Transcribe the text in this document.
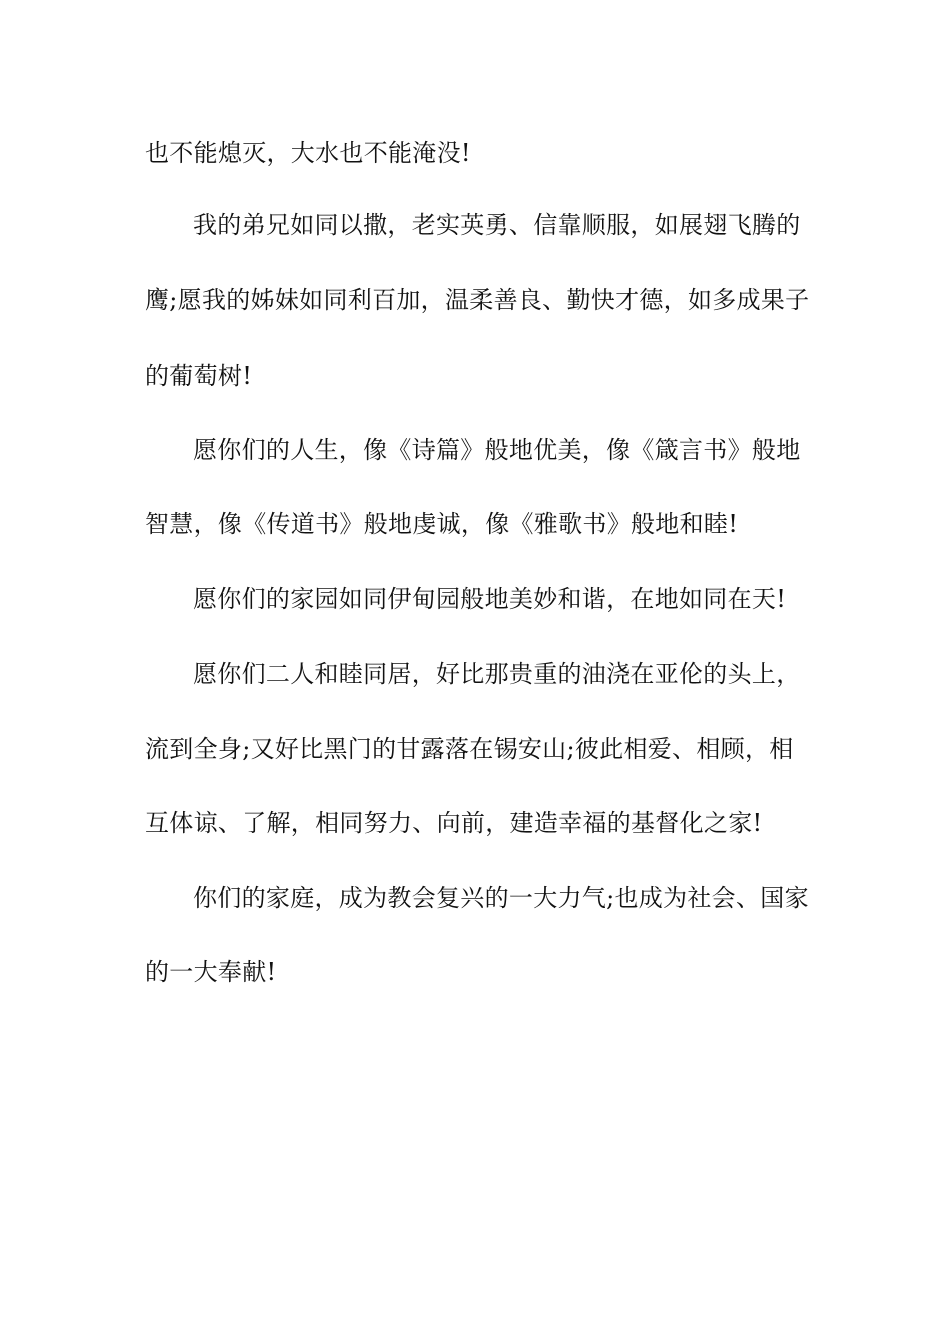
也不能熄灭，大水也不能淹没!
我的弟兄如同以撒，老实英勇、信靠顺服，如展翅飞腾的
鹰;愿我的姊妹如同利百加，温柔善良、勤快才德，如多成果子
的葡萄树!
愿你们的人生，像《诗篇》般地优美，像《箴言书》般地
智慧，像《传道书》般地虔诚，像《雅歌书》般地和睦!
愿你们的家园如同伊甸园般地美妙和谐，在地如同在天!
愿你们二人和睦同居，好比那贵重的油浇在亚伦的头上，
流到全身;又好比黑门的甘露落在锡安山;彼此相爱、相顾，相
互体谅、了解，相同努力、向前，建造幸福的基督化之家!
你们的家庭，成为教会复兴的一大力气;也成为社会、国家
的一大奉献!
